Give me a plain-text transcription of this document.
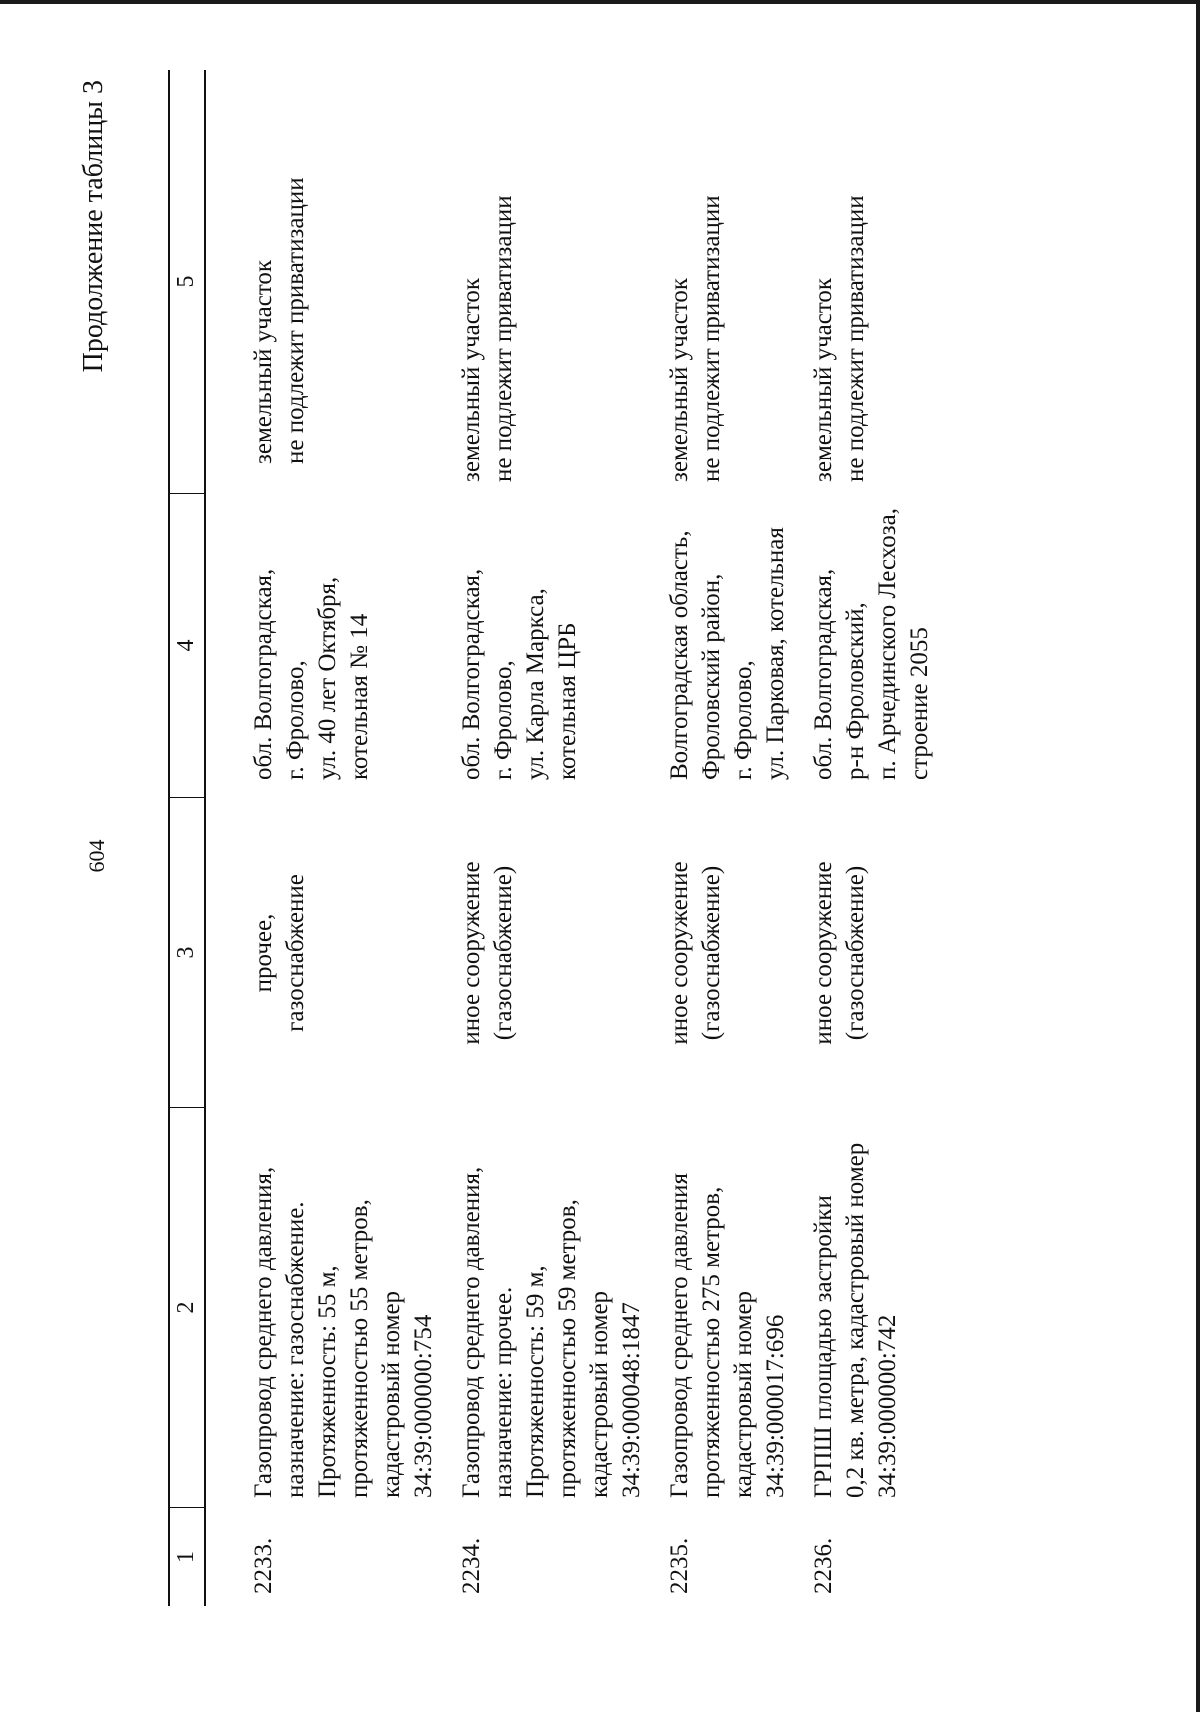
604
Продолжение таблицы 3
1
2
3
4
5
2233.
Газопровод среднего давления,
назначение: газоснабжение.
Протяженность: 55 м,
протяженностью 55 метров,
кадастровый номер
34:39:000000:754
прочее,
газоснабжение
обл. Волгоградская,
г. Фролово,
ул. 40 лет Октября,
котельная № 14
земельный участок
не подлежит приватизации
2234.
Газопровод среднего давления,
назначение: прочее.
Протяженность: 59 м,
протяженностью 59 метров,
кадастровый номер
34:39:000048:1847
иное сооружение
(газоснабжение)
обл. Волгоградская,
г. Фролово,
ул. Карла Маркса,
котельная ЦРБ
земельный участок
не подлежит приватизации
2235.
Газопровод среднего давления
протяженностью 275 метров,
кадастровый номер
34:39:000017:696
иное сооружение
(газоснабжение)
Волгоградская область,
Фроловский район,
г. Фролово,
ул. Парковая, котельная
земельный участок
не подлежит приватизации
2236.
ГРПШ площадью застройки
0,2 кв. метра, кадастровый номер
34:39:000000:742
иное сооружение
(газоснабжение)
обл. Волгоградская,
р-н Фроловский,
п. Арчединского Лесхоза,
строение 2055
земельный участок
не подлежит приватизации
